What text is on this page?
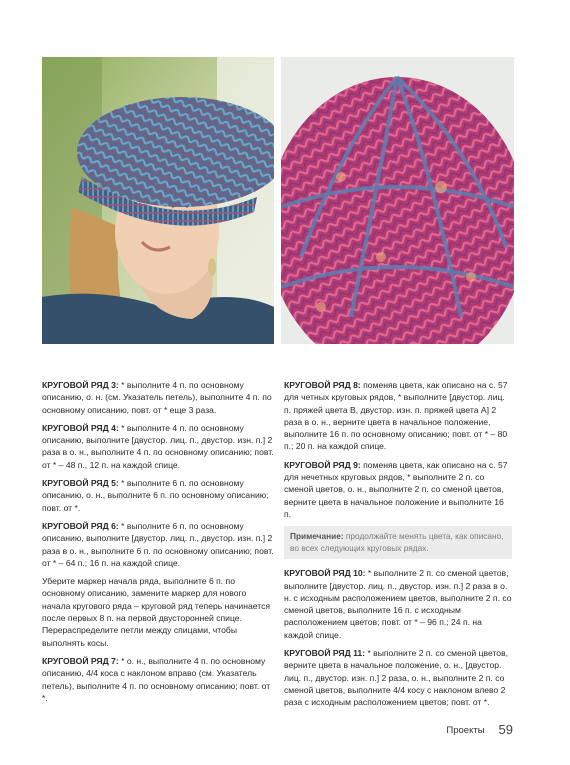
КРУГОВОЙ РЯД 3: * выполните 4 п. по основному описанию, о. н. (см. Указатель петель), выполните 4 п. по основному описанию, повт. от * еще 3 раза.

КРУГОВОЙ РЯД 4: * выполните 4 п. по основному описанию, выполните [двустор. лиц. п., двустор. изн. п.] 2 раза в о. н., выполните 4 п. по основному описанию; повт. от * – 48 п., 12 п. на каждой спице.

КРУГОВОЙ РЯД 5: * выполните 6 п. по основному описанию, о. н., выполните 6 п. по основному описанию; повт. от *.

КРУГОВОЙ РЯД 6: * выполните 6 п. по основному описанию, выполните [двустор. лиц. п., двустор. изн. п.] 2 раза в о. н., выполните 6 п. по основному описанию; повт. от * – 64 п.; 16 п. на каждой спице.

Уберите маркер начала ряда, выполните 6 п. по основному описанию, замените маркер для нового начала кругового ряда – круговой ряд теперь начинается после первых 8 п. на первой двусторонней спице. Перераспределите петли между спицами, чтобы выполнять косы.

КРУГОВОЙ РЯД 7: * о. н., выполните 4 п. по основному описанию, 4/4 коса с наклоном вправо (см. Указатель петель), выполните 4 п. по основному описанию; повт. от *.

КРУГОВОЙ РЯД 8: поменяв цвета, как описано на с. 57 для четных круговых рядов, * выполните [двустор. лиц. п. пряжей цвета B, двустор. изн. п. пряжей цвета A] 2 раза в о. н., верните цвета в начальное положение, выполните 16 п. по основному описанию; повт. от * – 80 п.; 20 п. на каждой спице.

КРУГОВОЙ РЯД 9: поменяв цвета, как описано на с. 57 для нечетных круговых рядов, * выполните 2 п. со сменой цветов, о. н., выполните 2 п. со сменой цветов, верните цвета в начальное положение и выполните 16 п.

Примечание: продолжайте менять цвета, как описано, во всех следующих круговых рядах.

КРУГОВОЙ РЯД 10: * выполните 2 п. со сменой цветов, выполните [двустор. лиц. п., двустор. изн. п.] 2 раза в о. н. с исходным расположением цветов, выполните 2 п. со сменой цветов, выполните 16 п. с исходным расположением цветов; повт. от * – 96 п.; 24 п. на каждой спице.

КРУГОВОЙ РЯД 11: * выполните 2 п. со сменой цветов, верните цвета в начальное положение, о. н., [двустор. лиц. п., двустор. изн. п.] 2 раза, о. н., выполните 2 п. со сменой цветов, выполните 4/4 косу с наклоном влево 2 раза с исходным расположением цветов; повт. от *.

Проекты 59
